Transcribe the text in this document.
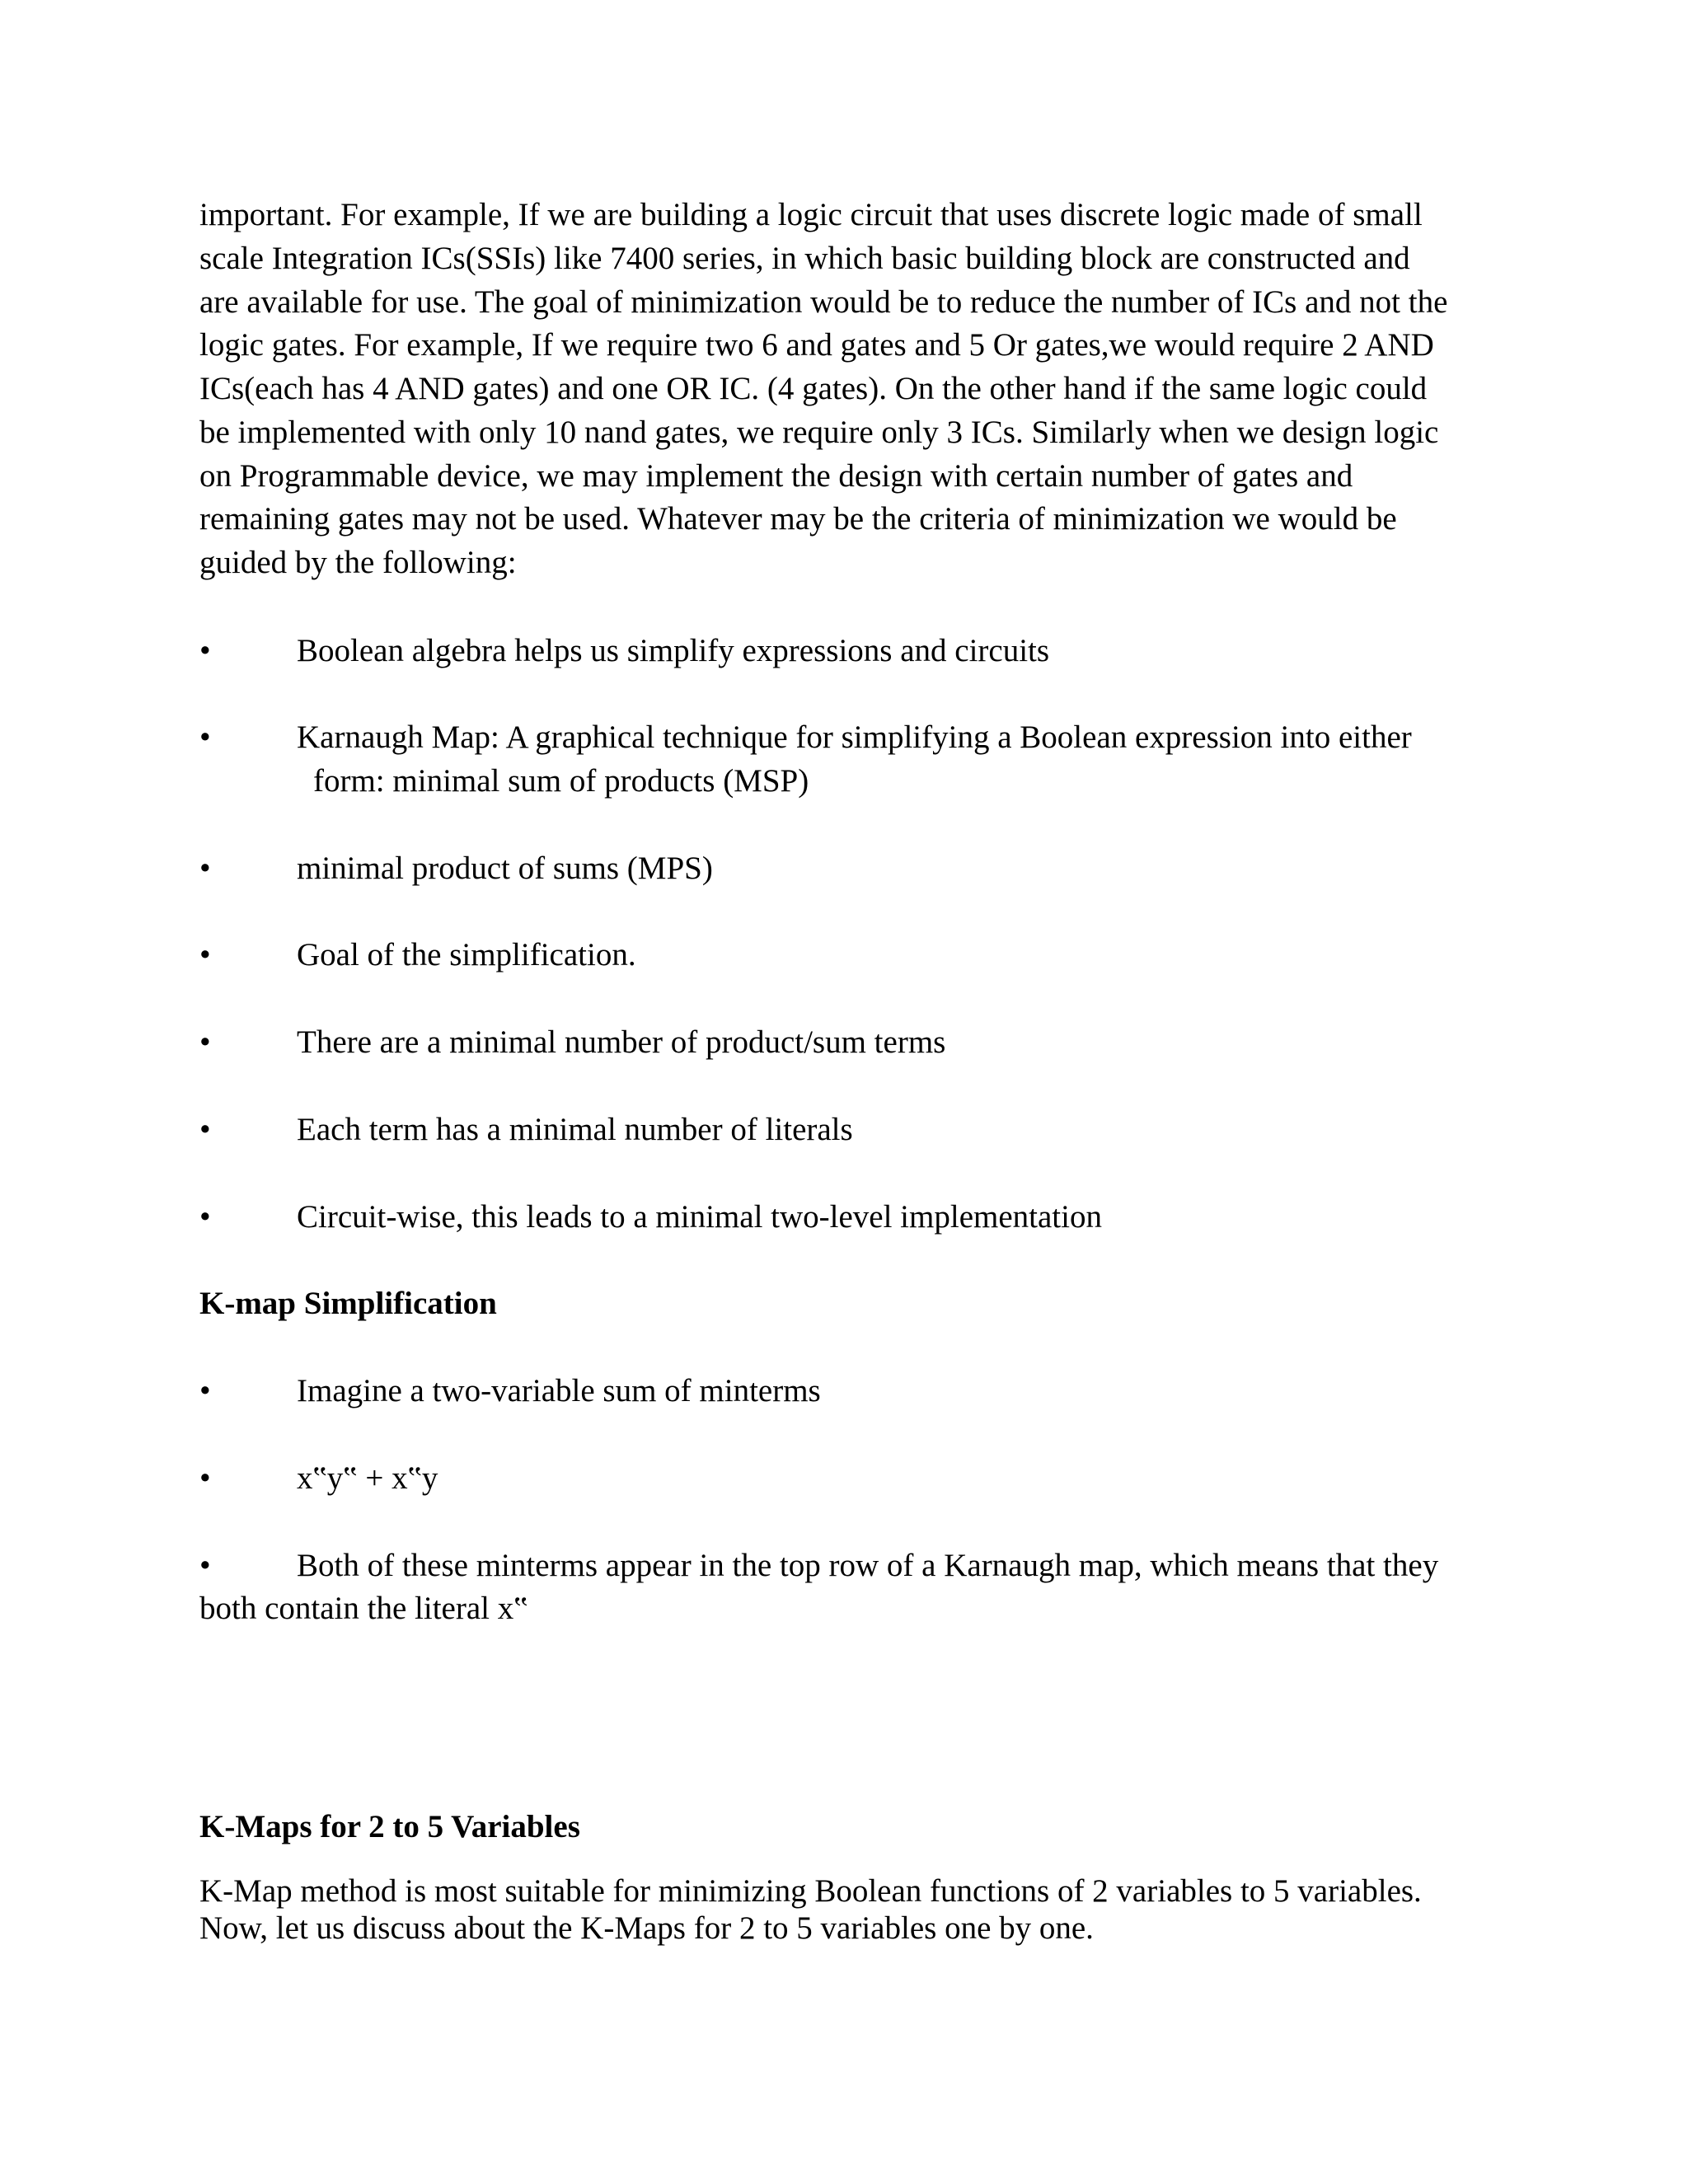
important. For example, If we are building a logic circuit that uses discrete logic made of small
scale Integration ICs(SSIs) like 7400 series, in which basic building block are constructed and
are available for use. The goal of minimization would be to reduce the number of ICs and not the
logic gates. For example, If we require two 6 and gates and 5 Or gates,we would require 2 AND
ICs(each has 4 AND gates) and one OR IC. (4 gates). On the other hand if the same logic could
be implemented with only 10 nand gates, we require only 3 ICs. Similarly when we design logic
on Programmable device, we may implement the design with certain number of gates and
remaining gates may not be used. Whatever may be the criteria of minimization we would be
guided by the following:
•	Boolean algebra helps us simplify expressions and circuits
•	Karnaugh Map: A graphical technique for simplifying a Boolean expression into either
form: minimal sum of products (MSP)
•	minimal product of sums (MPS)
•	Goal of the simplification.
•	There are a minimal number of product/sum terms
•	Each term has a minimal number of literals
•	Circuit-wise, this leads to a minimal two-level implementation
K-map Simplification
•	Imagine a two-variable sum of minterms
•	x‟y‟ + x‟y
•	Both of these minterms appear in the top row of a Karnaugh map, which means that they
both contain the literal x‟
K-Maps for 2 to 5 Variables
K-Map method is most suitable for minimizing Boolean functions of 2 variables to 5 variables.
Now, let us discuss about the K-Maps for 2 to 5 variables one by one.
